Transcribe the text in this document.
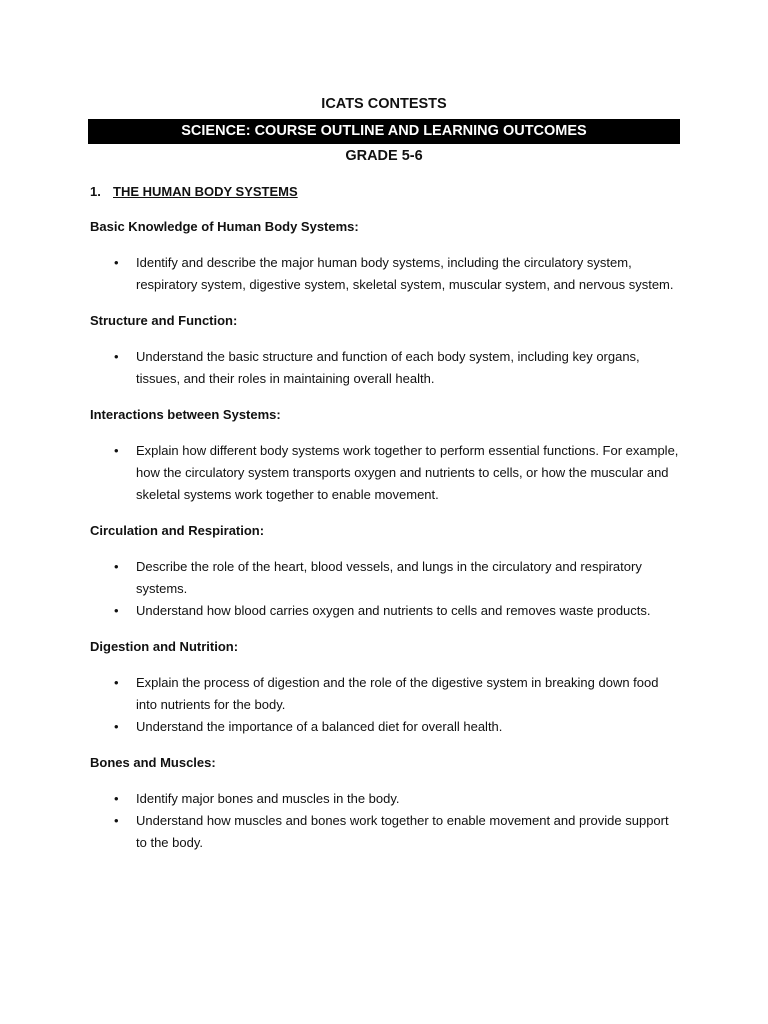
ICATS CONTESTS
SCIENCE: COURSE OUTLINE AND LEARNING OUTCOMES
GRADE 5-6
1. THE HUMAN BODY SYSTEMS
Basic Knowledge of Human Body Systems:
• Identify and describe the major human body systems, including the circulatory system, respiratory system, digestive system, skeletal system, muscular system, and nervous system.
Structure and Function:
• Understand the basic structure and function of each body system, including key organs, tissues, and their roles in maintaining overall health.
Interactions between Systems:
• Explain how different body systems work together to perform essential functions. For example, how the circulatory system transports oxygen and nutrients to cells, or how the muscular and skeletal systems work together to enable movement.
Circulation and Respiration:
• Describe the role of the heart, blood vessels, and lungs in the circulatory and respiratory systems.
• Understand how blood carries oxygen and nutrients to cells and removes waste products.
Digestion and Nutrition:
• Explain the process of digestion and the role of the digestive system in breaking down food into nutrients for the body.
• Understand the importance of a balanced diet for overall health.
Bones and Muscles:
• Identify major bones and muscles in the body.
• Understand how muscles and bones work together to enable movement and provide support to the body.
